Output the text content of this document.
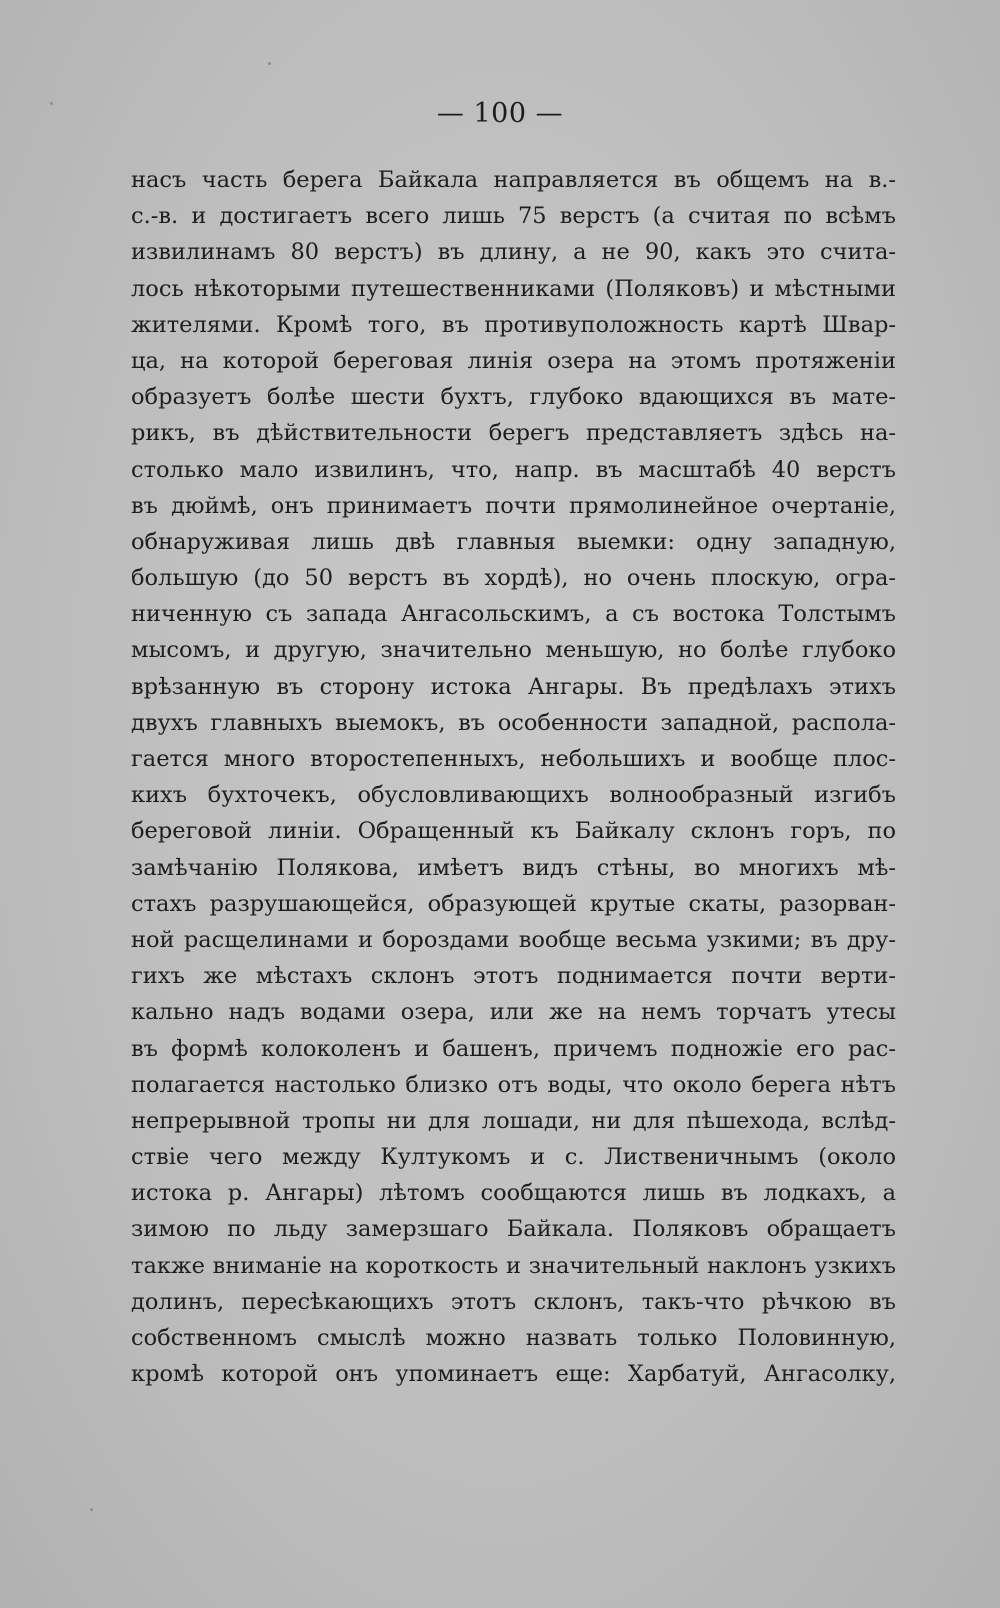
— 100 —
насъ часть берега Байкала направляется въ общемъ на в.-
с.-в. и достигаетъ всего лишь 75 верстъ (а считая по всѣмъ
извилинамъ 80 верстъ) въ длину, а не 90, какъ это счита-
лось нѣкоторыми путешественниками (Поляковъ) и мѣстными
жителями. Кромѣ того, въ противуположность картѣ Швар-
ца, на которой береговая линія озера на этомъ протяженіи
образуетъ болѣе шести бухтъ, глубоко вдающихся въ мате-
рикъ, въ дѣйствительности берегъ представляетъ здѣсь на-
столько мало извилинъ, что, напр. въ масштабѣ 40 верстъ
въ дюймѣ, онъ принимаетъ почти прямолинейное очертаніе,
обнаруживая лишь двѣ главныя выемки: одну западную,
большую (до 50 верстъ въ хордѣ), но очень плоскую, огра-
ниченную съ запада Ангасольскимъ, а съ востока Толстымъ
мысомъ, и другую, значительно меньшую, но болѣе глубоко
врѣзанную въ сторону истока Ангары. Въ предѣлахъ этихъ
двухъ главныхъ выемокъ, въ особенности западной, распола-
гается много второстепенныхъ, небольшихъ и вообще плос-
кихъ бухточекъ, обусловливающихъ волнообразный изгибъ
береговой линіи. Обращенный къ Байкалу склонъ горъ, по
замѣчанію Полякова, имѣетъ видъ стѣны, во многихъ мѣ-
стахъ разрушающейся, образующей крутые скаты, разорван-
ной расщелинами и бороздами вообще весьма узкими; въ дру-
гихъ же мѣстахъ склонъ этотъ поднимается почти верти-
кально надъ водами озера, или же на немъ торчатъ утесы
въ формѣ колоколенъ и башенъ, причемъ подножіе его рас-
полагается настолько близко отъ воды, что около берега нѣтъ
непрерывной тропы ни для лошади, ни для пѣшехода, вслѣд-
ствіе чего между Култукомъ и с. Лиственичнымъ (около
истока р. Ангары) лѣтомъ сообщаются лишь въ лодкахъ, а
зимою по льду замерзшаго Байкала. Поляковъ обращаетъ
также вниманіе на короткость и значительный наклонъ узкихъ
долинъ, пересѣкающихъ этотъ склонъ, такъ-что рѣчкою въ
собственномъ смыслѣ можно назвать только Половинную,
кромѣ которой онъ упоминаетъ еще: Харбатуй, Ангасолку,
